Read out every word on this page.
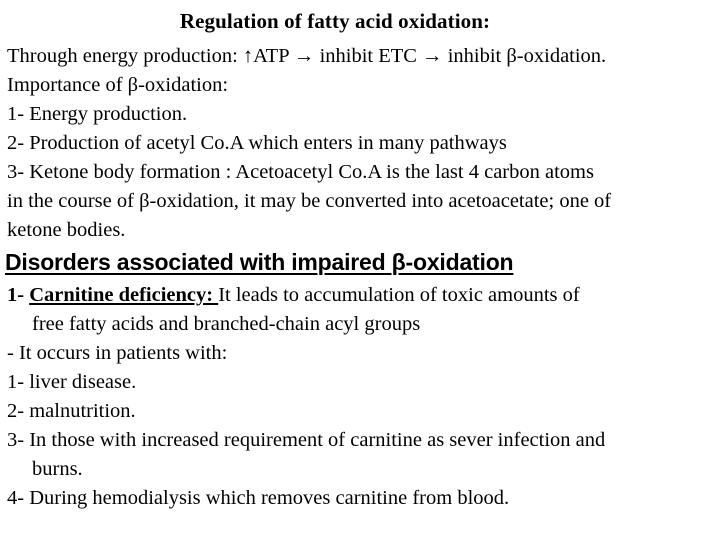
Regulation of fatty acid oxidation:
Through energy production: ↑ATP → inhibit ETC → inhibit β-oxidation.
Importance of β-oxidation:
1- Energy production.
2- Production of acetyl Co.A which enters in many pathways
3- Ketone body formation : Acetoacetyl Co.A is the last 4 carbon atoms
in the course of β-oxidation, it may be converted into acetoacetate; one of
ketone bodies.
Disorders associated with impaired β-oxidation
1- Carnitine deficiency: It leads to accumulation of toxic amounts of
free fatty acids and branched-chain acyl groups
- It occurs in patients with:
1- liver disease.
2- malnutrition.
3- In those with increased requirement of carnitine as sever infection and
burns.
4- During hemodialysis which removes carnitine from blood.
